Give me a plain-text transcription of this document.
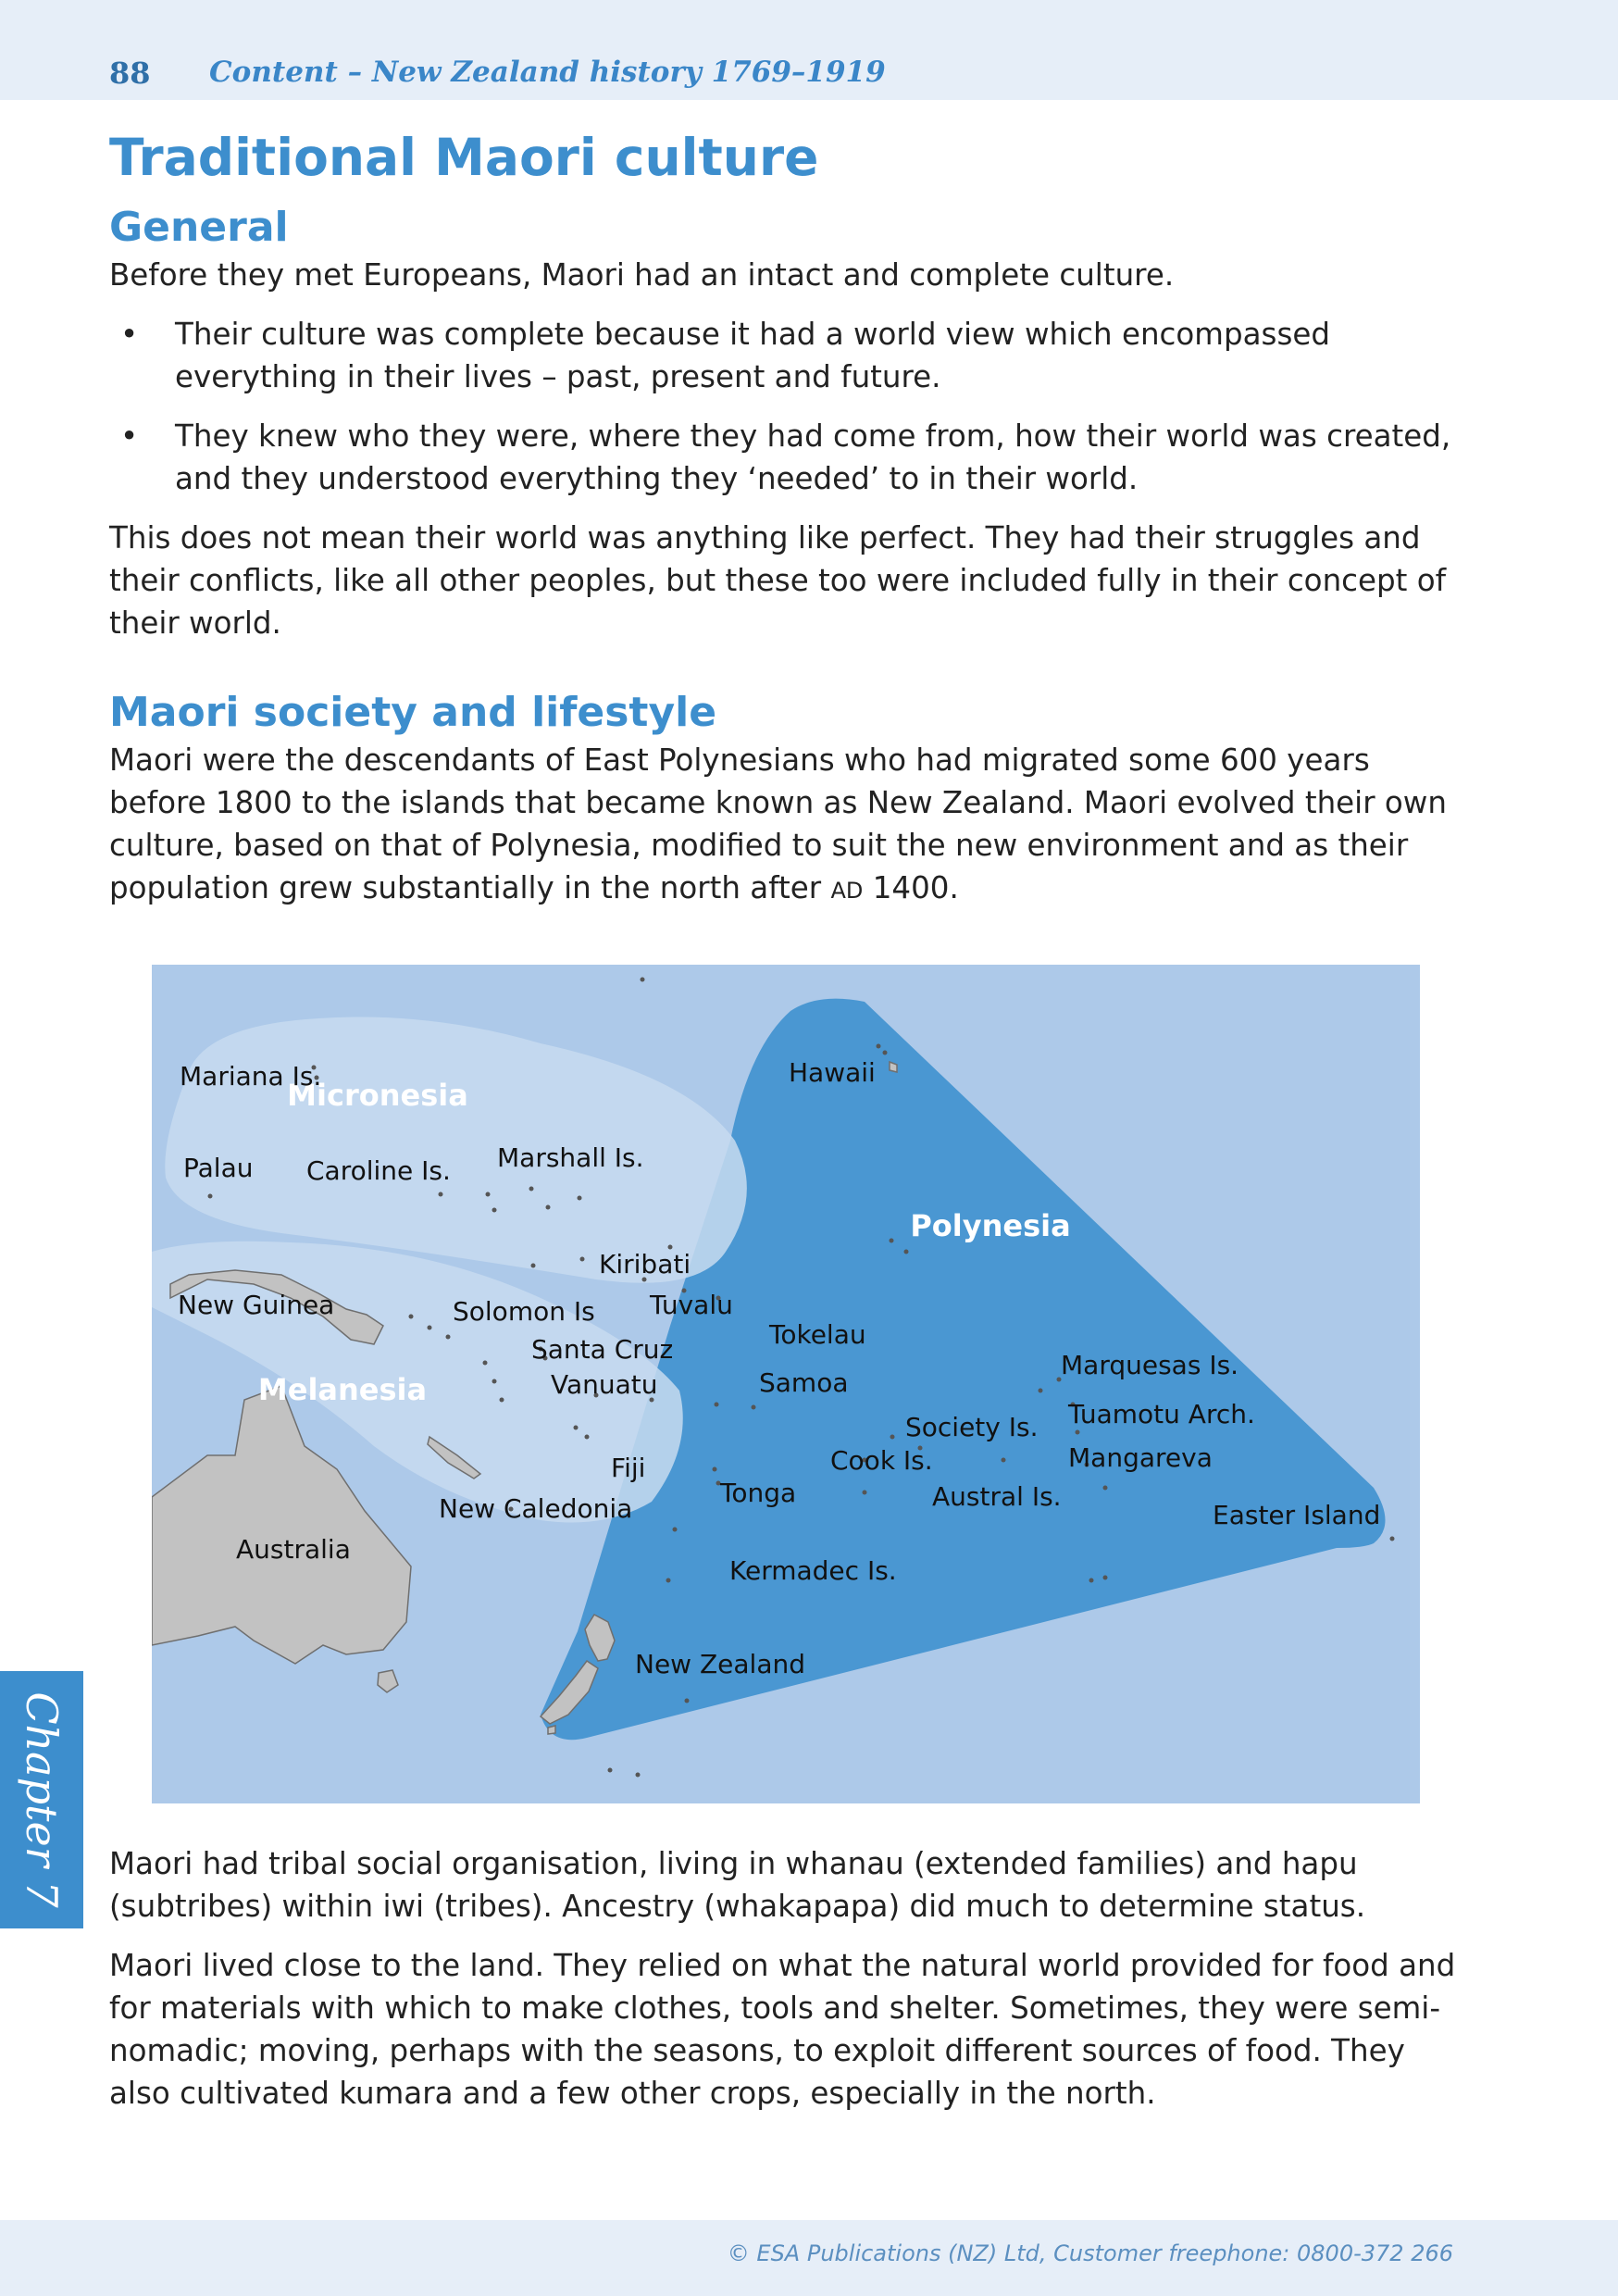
88 Content – New Zealand history 1769–1919
Traditional Maori culture
General

Before they met Europeans, Maori had an intact and complete culture.

• Their culture was complete because it had a world view which encompassed everything in their lives – past, present and future.
• They knew who they were, where they had come from, how their world was created, and they understood everything they ‘needed’ to in their world.

This does not mean their world was anything like perfect. They had their struggles and their conflicts, like all other peoples, but these too were included fully in their concept of their world.

Maori society and lifestyle

Maori were the descendants of East Polynesians who had migrated some 600 years before 1800 to the islands that became known as New Zealand. Maori evolved their own culture, based on that of Polynesia, modified to suit the new environment and as their population grew substantially in the north after AD 1400.

Micronesia
Melanesia
Polynesia
Mariana Is.
Palau Caroline Is. Marshall Is.
Hawaii
Kiribati
New Guinea	Solomon Is Tuvalu
Santa Cruz	Tokelau
Vanuatu	Samoa
Marquesas Is.
Society Is. Tuamotu Arch.
Cook Is.
Fiji	Mangareva
Tonga	Austral Is.
New Caledonia	Easter Island
Australia
Kermadec Is.
New Zealand

Maori had tribal social organisation, living in whanau (extended families) and hapu (subtribes) within iwi (tribes). Ancestry (whakapapa) did much to determine status.

Maori lived close to the land. They relied on what the natural world provided for food and for materials with which to make clothes, tools and shelter. Sometimes, they were semi-nomadic; moving, perhaps with the seasons, to exploit different sources of food. They also cultivated kumara and a few other crops, especially in the north.

Chapter 7
© ESA Publications (NZ) Ltd, Customer freephone: 0800-372 266
